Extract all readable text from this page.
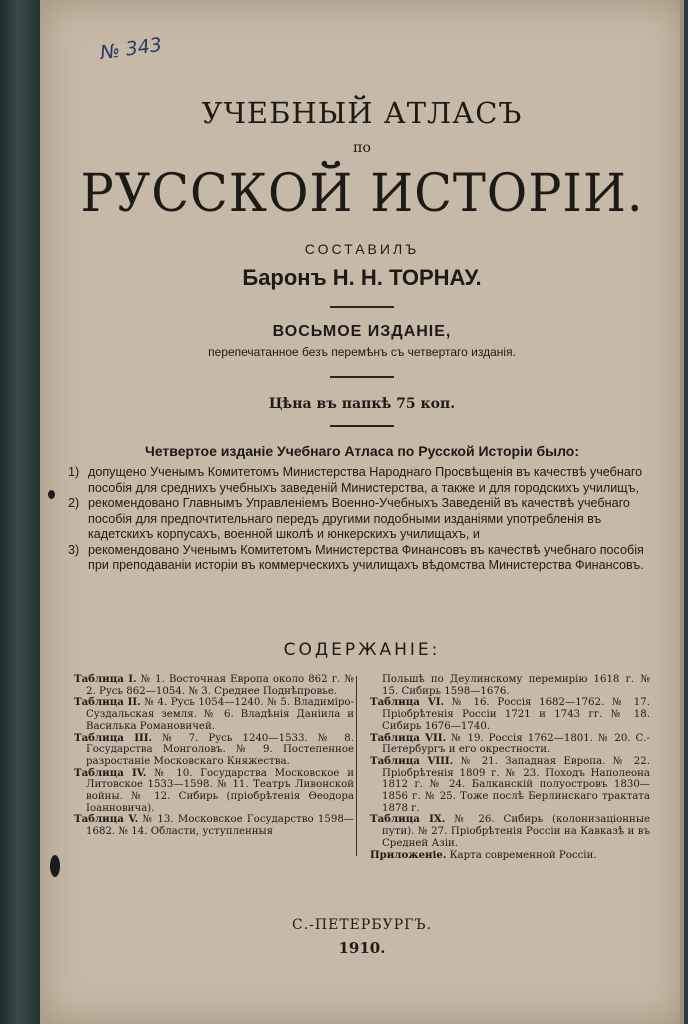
№ 343
УЧЕБНЫЙ АТЛАСЪ
по
РУССКОЙ ИСТОРІИ.
СОСТАВИЛЪ
Баронъ Н. Н. ТОРНАУ.
ВОСЬМОЕ ИЗДАНІЕ,
перепечатанное безъ перемѣнъ съ четвертаго изданія.
Цѣна въ папкѣ 75 коп.
Четвертое изданіе Учебнаго Атласа по Русской Исторіи было:
1) допущено Ученымъ Комитетомъ Министерства Народнаго Просвѣщенія въ качествѣ учебнаго пособія для среднихъ учебныхъ заведеній Министерства, а также и для городскихъ училищъ,
2) рекомендовано Главнымъ Управленіемъ Военно-Учебныхъ Заведеній въ качествѣ учебнаго пособія для предпочтительнаго передъ другими подобными изданіями употребленія въ кадетскихъ корпусахъ, военной школѣ и юнкерскихъ училищахъ, и
3) рекомендовано Ученымъ Комитетомъ Министерства Финансовъ въ качествѣ учебнаго пособія при преподаваніи исторіи въ коммерческихъ училищахъ вѣдомства Министерства Финансовъ.
СОДЕРЖАНІЕ:

Таблица I. № 1. Восточная Европа около 862 г. № 2. Русь 862—1054. № 3. Среднее Поднѣпровье.

Таблица II. № 4. Русь 1054—1240. № 5. Владиміро-Суздальская земля. № 6. Владѣнія Даніила и Василька Романовичей.

Таблица III. № 7. Русь 1240—1533. № 8. Государства Монголовъ. № 9. Постепенное разростаніе Московскаго Княжества.

Таблица IV. № 10. Государства Московское и Литовское 1533—1598. № 11. Театръ Ливонской войны. № 12. Сибирь (пріобрѣтенія Ѳеодора Іоанновича).

Таблица V. № 13. Московское Государство 1598—1682. № 14. Области, уступленныя

Польшѣ по Деулинскому перемирію 1618 г. № 15. Сибирь 1598—1676.

Таблица VI. № 16. Россія 1682—1762. № 17. Пріобрѣтенія Россіи 1721 и 1743 гг. № 18. Сибирь 1676—1740.

Таблица VII. № 19. Россія 1762—1801. № 20. С.-Петербургъ и его окрестности.

Таблица VIII. № 21. Западная Европа. № 22. Пріобрѣтенія 1809 г. № 23. Походъ Наполеона 1812 г. № 24. Балканскій полуостровъ 1830—1856 г. № 25. Тоже послѣ Берлинскаго трактата 1878 г.

Таблица IX. № 26. Сибирь (колонизаціонные пути). № 27. Пріобрѣтенія Россіи на Кавказѣ и въ Средней Азіи.

Приложеніе. Карта современной Россіи.

С.-ПЕТЕРБУРГЪ.
1910.
